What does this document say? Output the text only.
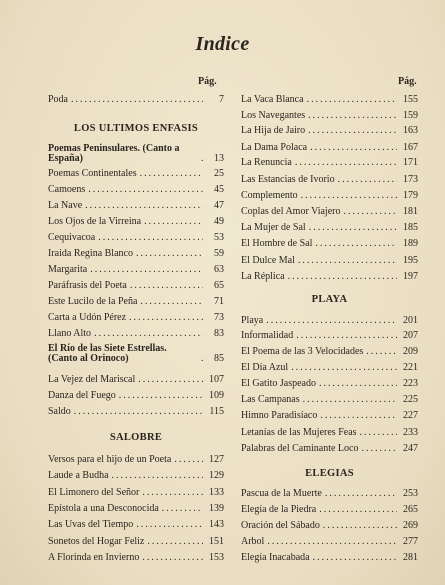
Indice
Pág.
Poda .....	7
LOS ULTIMOS ENFASIS
Poemas Peninsulares. (Canto a España) .....	13
Poemas Continentales .....	25
Camoens .....	45
La Nave .....	47
Los Ojos de la Virreina .....	49
Cequivacoa .....	53
Iraida Regina Blanco .....	59
Margarita .....	63
Paráfrasis del Poeta .....	65
Este Lucilo de la Peña .....	71
Carta a Udón Pérez .....	73
Llano Alto .....	83
El Río de las Siete Estrellas. (Canto al Orinoco) .....	85
La Vejez del Mariscal .....	107
Danza del Fuego .....	109
Saldo .....	115
SALOBRE
Versos para el hijo de un Poeta .....	127
Laude a Budha .....	129
El Limonero del Señor .....	133
Epístola a una Desconocida .....	139
Las Uvas del Tiempo .....	143
Sonetos del Hogar Feliz .....	151
A Florinda en Invierno .....	153
Pág.
La Vaca Blanca .....	155
Los Navegantes .....	159
La Hija de Jairo .....	163
La Dama Polaca .....	167
La Renuncia .....	171
Las Estancias de Ivorio .....	173
Complemento .....	179
Coplas del Amor Viajero .....	181
La Mujer de Sal .....	185
El Hombre de Sal .....	189
El Dulce Mal .....	195
La Réplica .....	197
PLAYA
Playa .....	201
Informalidad .....	207
El Poema de las 3 Velocidades .....	209
El Día Azul .....	221
El Gatito Jaspeado .....	223
Las Campanas .....	225
Himno Paradisíaco .....	227
Letanías de las Mujeres Feas .....	233
Palabras del Caminante Loco .....	247
ELEGIAS
Pascua de la Muerte .....	253
Elegía de la Piedra .....	265
Oración del Sábado .....	269
Arbol .....	277
Elegía Inacabada .....	281
